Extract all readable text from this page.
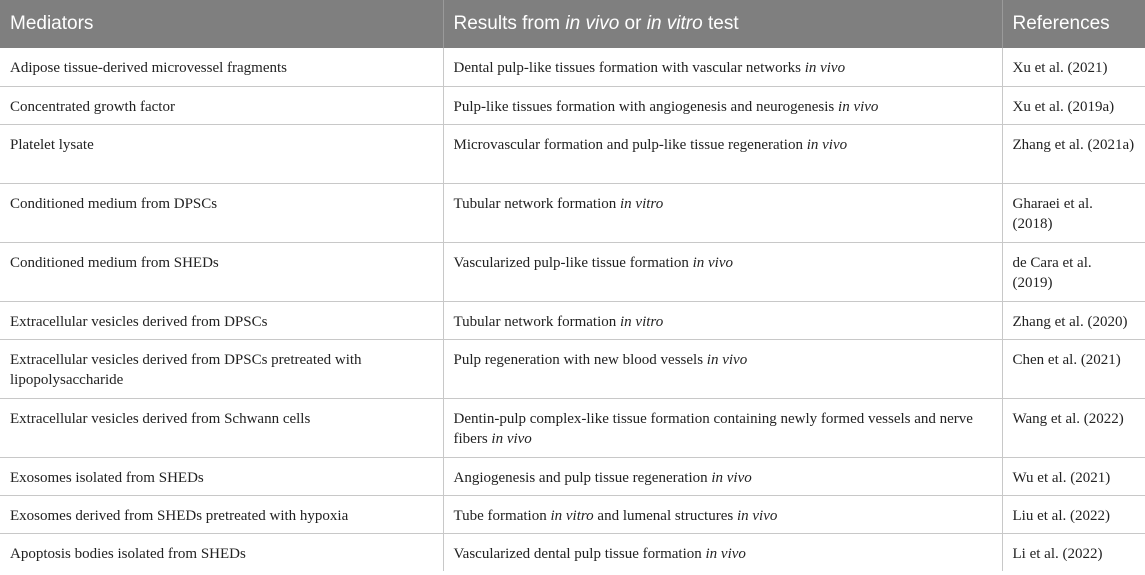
Mediators	Results from in vivo or in vitro test	References
Adipose tissue-derived microvessel fragments	Dental pulp-like tissues formation with vascular networks in vivo	Xu et al. (2021)
Concentrated growth factor	Pulp-like tissues formation with angiogenesis and neurogenesis in vivo	Xu et al. (2019a)
Platelet lysate	Microvascular formation and pulp-like tissue regeneration in vivo	Zhang et al. (2021a)
Conditioned medium from DPSCs	Tubular network formation in vitro	Gharaei et al. (2018)
Conditioned medium from SHEDs	Vascularized pulp-like tissue formation in vivo	de Cara et al. (2019)
Extracellular vesicles derived from DPSCs	Tubular network formation in vitro	Zhang et al. (2020)
Extracellular vesicles derived from DPSCs pretreated with lipopolysaccharide	Pulp regeneration with new blood vessels in vivo	Chen et al. (2021)
Extracellular vesicles derived from Schwann cells	Dentin-pulp complex-like tissue formation containing newly formed vessels and nerve fibers in vivo	Wang et al. (2022)
Exosomes isolated from SHEDs	Angiogenesis and pulp tissue regeneration in vivo	Wu et al. (2021)
Exosomes derived from SHEDs pretreated with hypoxia	Tube formation in vitro and lumenal structures in vivo	Liu et al. (2022)
Apoptosis bodies isolated from SHEDs	Vascularized dental pulp tissue formation in vivo	Li et al. (2022)
